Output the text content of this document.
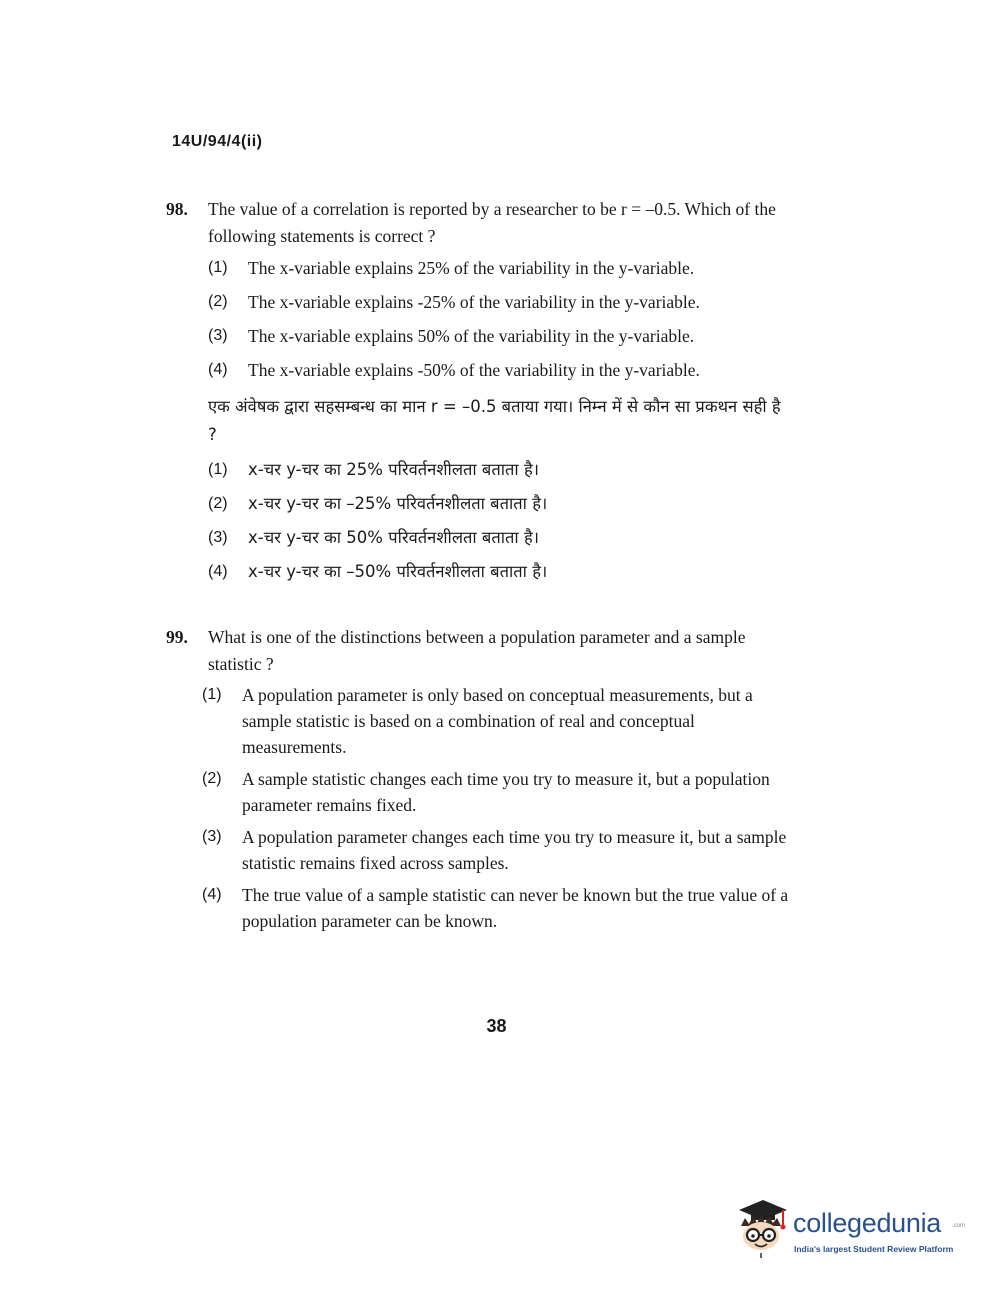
14U/94/4(ii)
98.	The value of a correlation is reported by a researcher to be r = –0.5. Which of the following statements is correct ?
(1)	The x-variable explains 25% of the variability in the y-variable.
(2)	The x-variable explains -25% of the variability in the y-variable.
(3)	The x-variable explains 50% of the variability in the y-variable.
(4)	The x-variable explains -50% of the variability in the y-variable.
एक अंवेषक द्वारा सहसम्बन्ध का मान r = –0.5 बताया गया। निम्न में से कौन सा प्रकथन सही है ?
(1)	x-चर y-चर का 25% परिवर्तनशीलता बताता है।
(2)	x-चर y-चर का –25% परिवर्तनशीलता बताता है।
(3)	x-चर y-चर का 50% परिवर्तनशीलता बताता है।
(4)	x-चर y-चर का –50% परिवर्तनशीलता बताता है।
99.	What is one of the distinctions between a population parameter and a sample statistic ?
(1)	A population parameter is only based on conceptual measurements, but a sample statistic is based on a combination of real and conceptual measurements.
(2)	A sample statistic changes each time you try to measure it, but a population parameter remains fixed.
(3)	A population parameter changes each time you try to measure it, but a sample statistic remains fixed across samples.
(4)	The true value of a sample statistic can never be known but the true value of a population parameter can be known.
38
collegedunia .com
India's largest Student Review Platform
